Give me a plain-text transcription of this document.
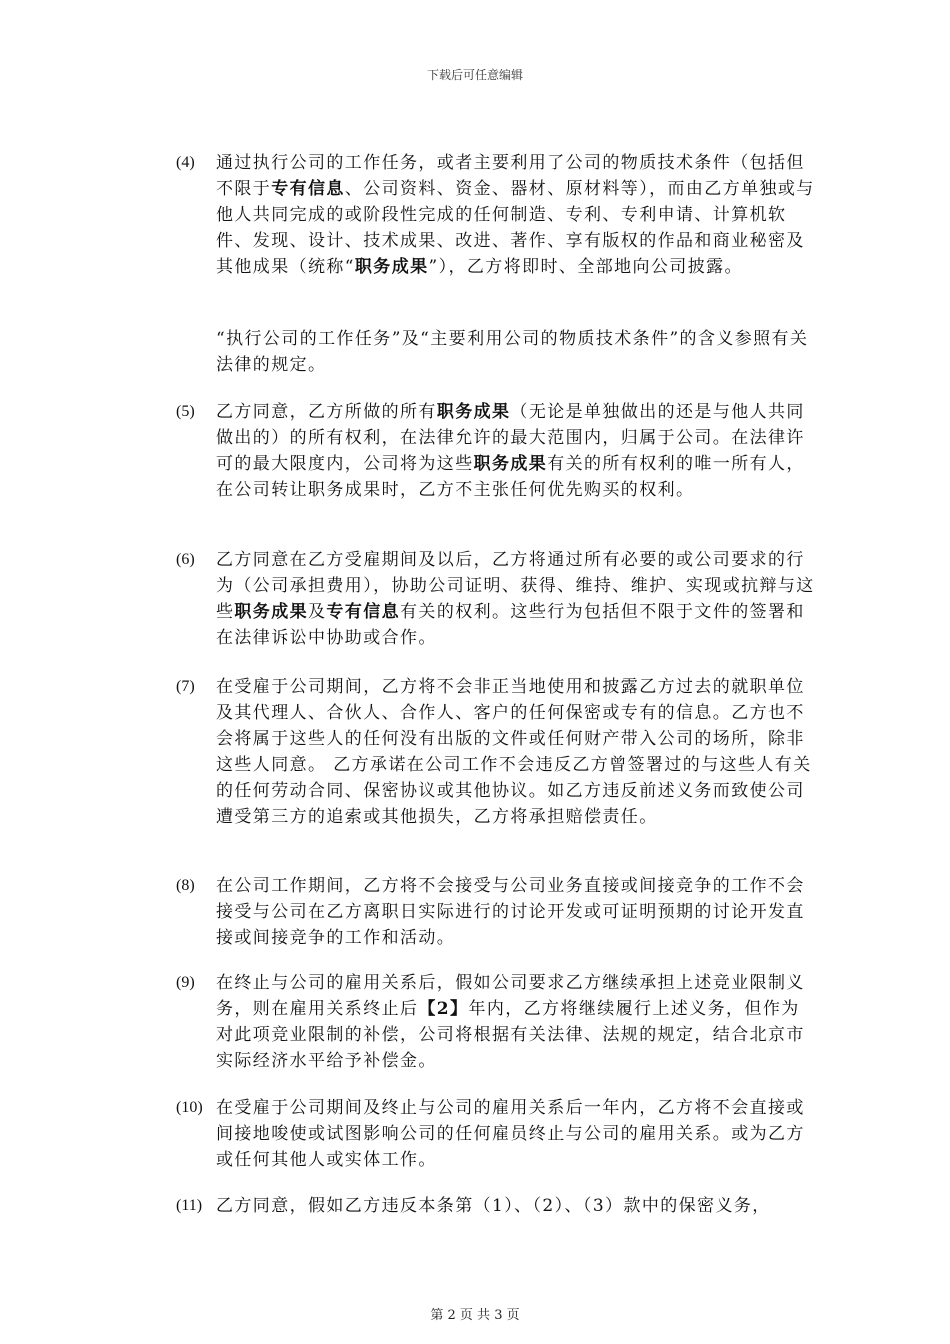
下载后可任意编辑
(4)	通过执行公司的工作任务，或者主要利用了公司的物质技术条件（包括但不限于专有信息、公司资料、资金、器材、原材料等），而由乙方单独或与他人共同完成的或阶段性完成的任何制造、专利、专利申请、计算机软件、发现、设计、技术成果、改进、著作、享有版权的作品和商业秘密及其他成果（统称“职务成果”），乙方将即时、全部地向公司披露。
“执行公司的工作任务”及“主要利用公司的物质技术条件”的含义参照有关法律的规定。
(5)	乙方同意，乙方所做的所有职务成果（无论是单独做出的还是与他人共同做出的）的所有权利，在法律允许的最大范围内，归属于公司。在法律许可的最大限度内，公司将为这些职务成果有关的所有权利的唯一所有人，在公司转让职务成果时，乙方不主张任何优先购买的权利。
(6)	乙方同意在乙方受雇期间及以后，乙方将通过所有必要的或公司要求的行为（公司承担费用），协助公司证明、获得、维持、维护、实现或抗辩与这些职务成果及专有信息有关的权利。这些行为包括但不限于文件的签署和在法律诉讼中协助或合作。
(7)	在受雇于公司期间，乙方将不会非正当地使用和披露乙方过去的就职单位及其代理人、合伙人、合作人、客户的任何保密或专有的信息。乙方也不会将属于这些人的任何没有出版的文件或任何财产带入公司的场所，除非这些人同意。 乙方承诺在公司工作不会违反乙方曾签署过的与这些人有关的任何劳动合同、保密协议或其他协议。如乙方违反前述义务而致使公司遭受第三方的追索或其他损失，乙方将承担赔偿责任。
(8)	在公司工作期间，乙方将不会接受与公司业务直接或间接竞争的工作不会接受与公司在乙方离职日实际进行的讨论开发或可证明预期的讨论开发直接或间接竞争的工作和活动。
(9)	在终止与公司的雇用关系后，假如公司要求乙方继续承担上述竞业限制义务，则在雇用关系终止后【2】年内，乙方将继续履行上述义务，但作为对此项竞业限制的补偿，公司将根据有关法律、法规的规定，结合北京市实际经济水平给予补偿金。
(10) 在受雇于公司期间及终止与公司的雇用关系后一年内，乙方将不会直接或间接地唆使或试图影响公司的任何雇员终止与公司的雇用关系。或为乙方或任何其他人或实体工作。
(11) 乙方同意，假如乙方违反本条第（1）、（2）、（3）款中的保密义务，
第 2 页 共 3 页
